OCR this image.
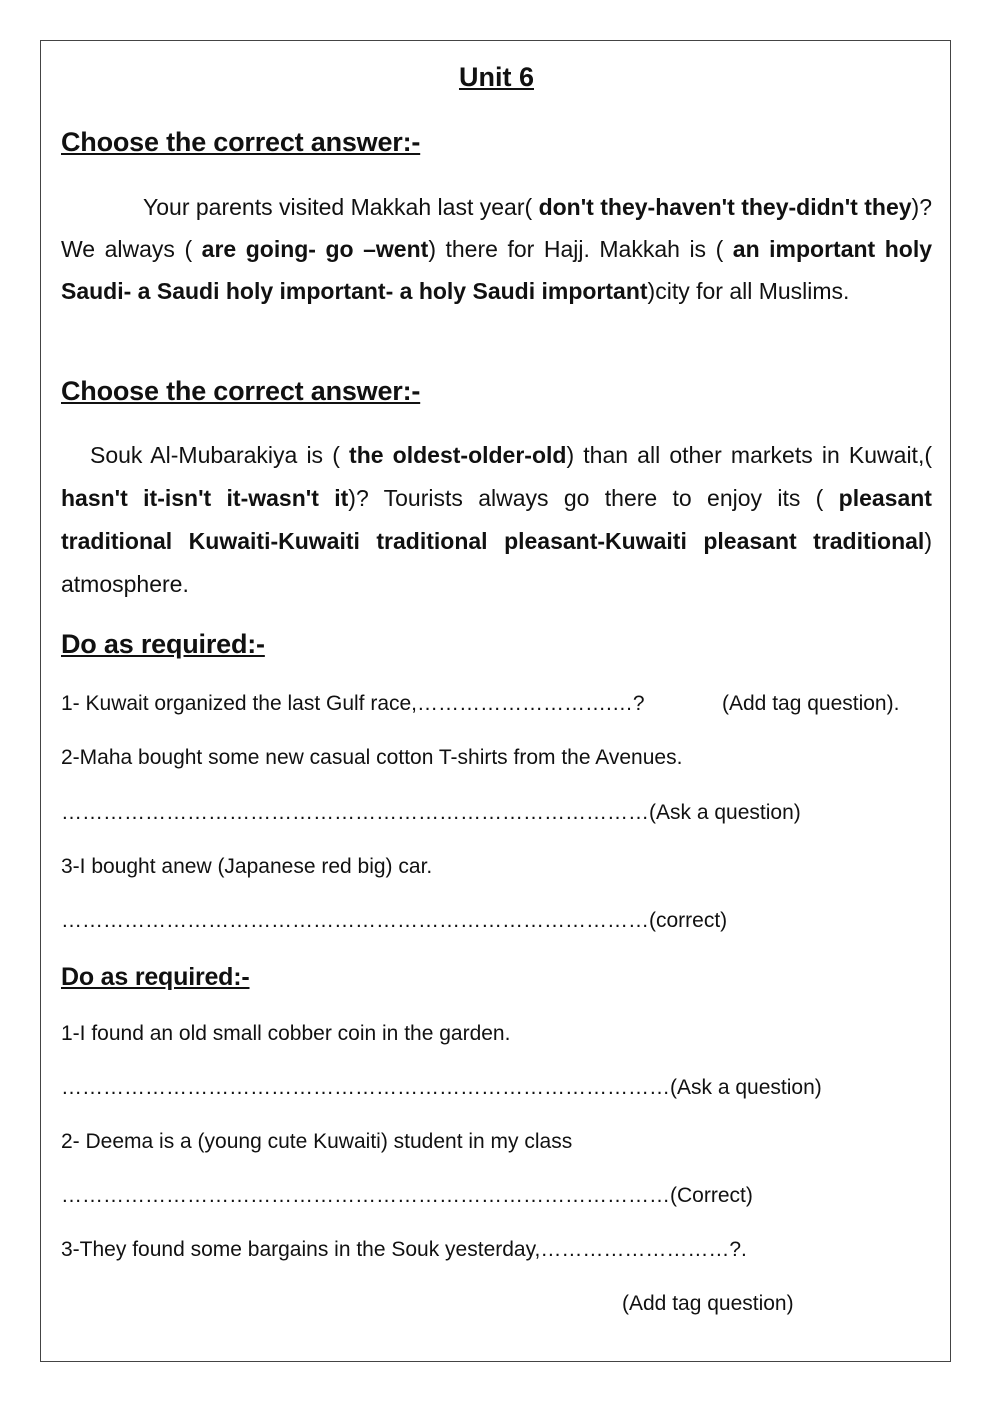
Unit 6
Choose the correct answer:-
Your parents visited Makkah last year( don't they-haven't they-didn't they)? We always ( are going- go –went) there for Hajj. Makkah is ( an important holy Saudi- a Saudi holy important- a holy Saudi important)city for all Muslims.
Choose the correct answer:-
Souk Al-Mubarakiya is ( the oldest-older-old) than all other markets in Kuwait,( hasn't it-isn't it-wasn't it)? Tourists always go there to enjoy its ( pleasant traditional Kuwaiti-Kuwaiti traditional pleasant-Kuwaiti pleasant traditional) atmosphere.
Do as required:-
1- Kuwait organized the last Gulf race,……………………….…?	(Add tag question).
2-Maha bought some new casual cotton T-shirts from the Avenues.
…………………………………………………………………………(Ask a question)
3-I bought anew (Japanese red big) car.
…………………………………………………………………………(correct)
Do as required:-
1-I found an old small cobber coin in the garden.
……………………………………………………………………………(Ask a question)
2- Deema is a (young cute Kuwaiti) student in my class
……………………………………………………………………………(Correct)
3-They found some bargains in the Souk yesterday,………………………?.
(Add tag question)
